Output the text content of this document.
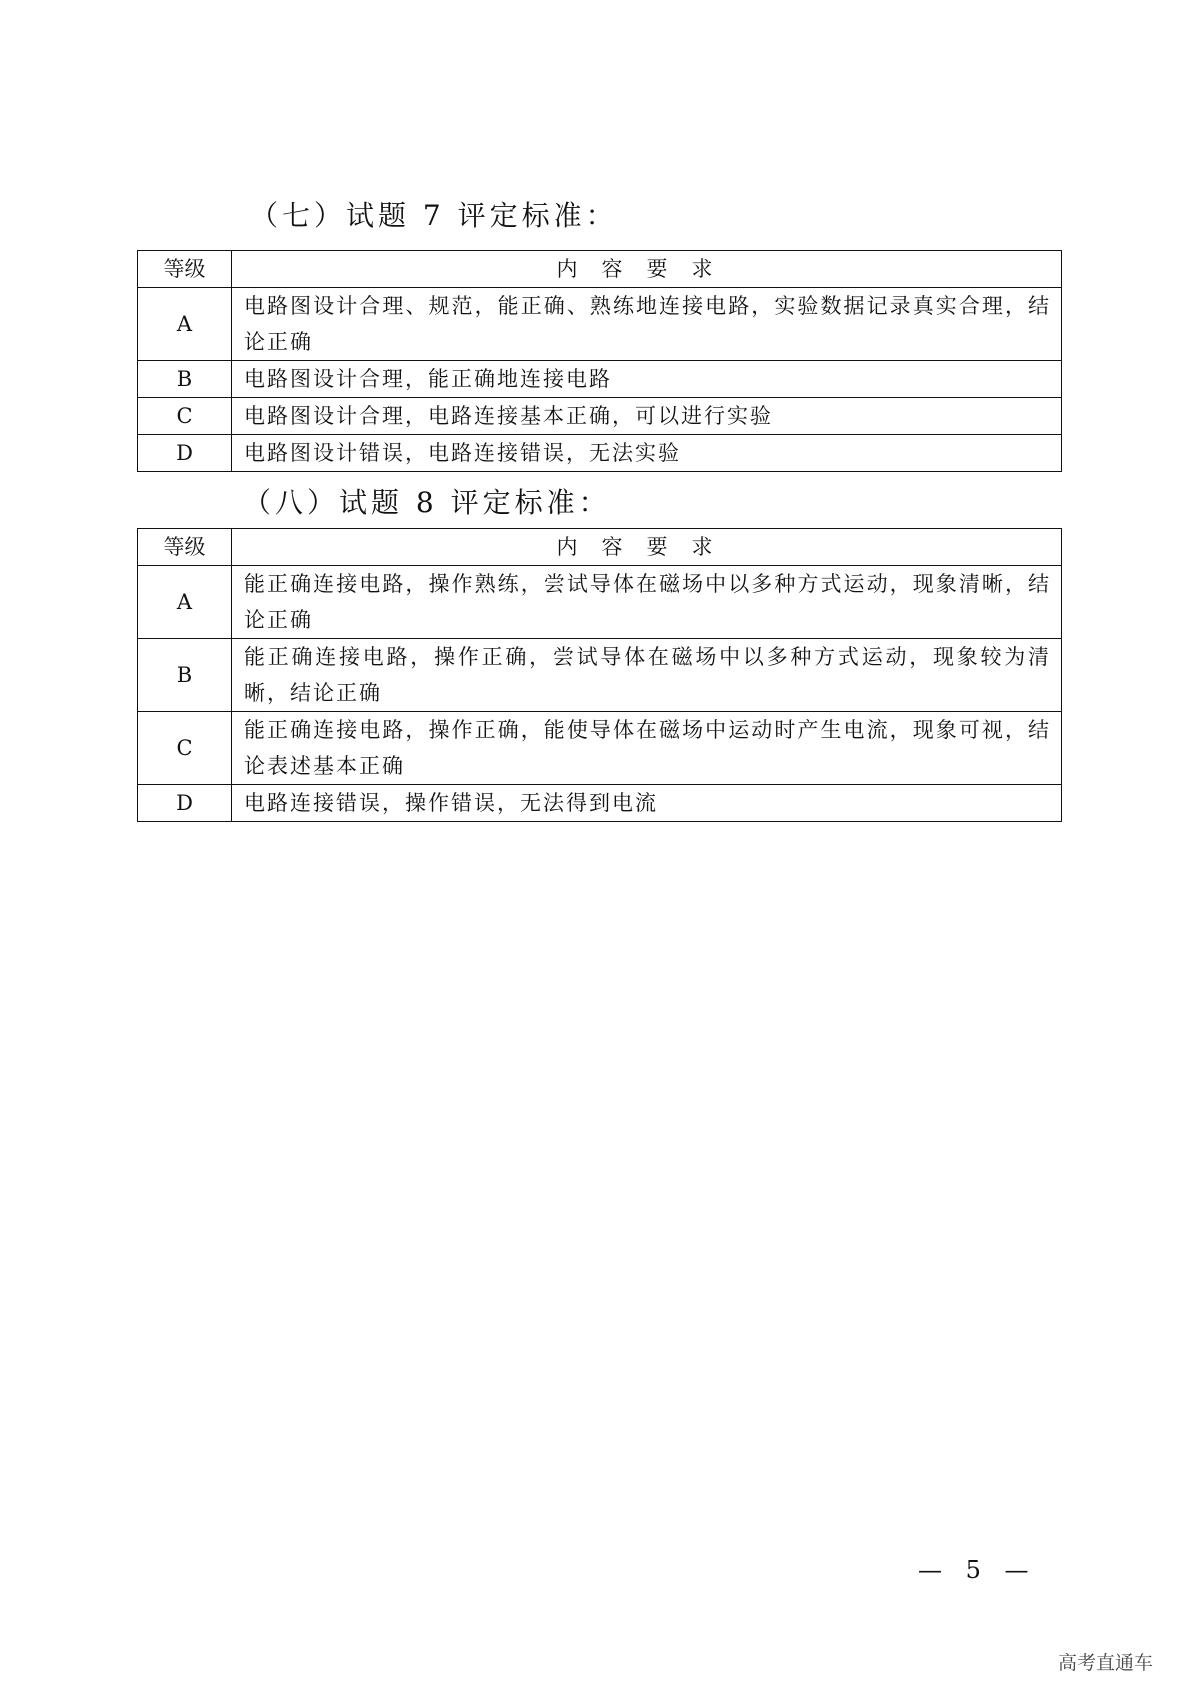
（七）试题 7 评定标准：
等级	内容要求
A	电路图设计合理、规范，能正确、熟练地连接电路，实验数据记录真实合理，结论正确
B	电路图设计合理，能正确地连接电路
C	电路图设计合理，电路连接基本正确，可以进行实验
D	电路图设计错误，电路连接错误，无法实验
（八）试题 8 评定标准：
等级	内容要求
A	能正确连接电路，操作熟练，尝试导体在磁场中以多种方式运动，现象清晰，结论正确
B	能正确连接电路，操作正确，尝试导体在磁场中以多种方式运动，现象较为清晰，结论正确
C	能正确连接电路，操作正确，能使导体在磁场中运动时产生电流，现象可视，结论表述基本正确
D	电路连接错误，操作错误，无法得到电流
— 5 —
高考直通车
